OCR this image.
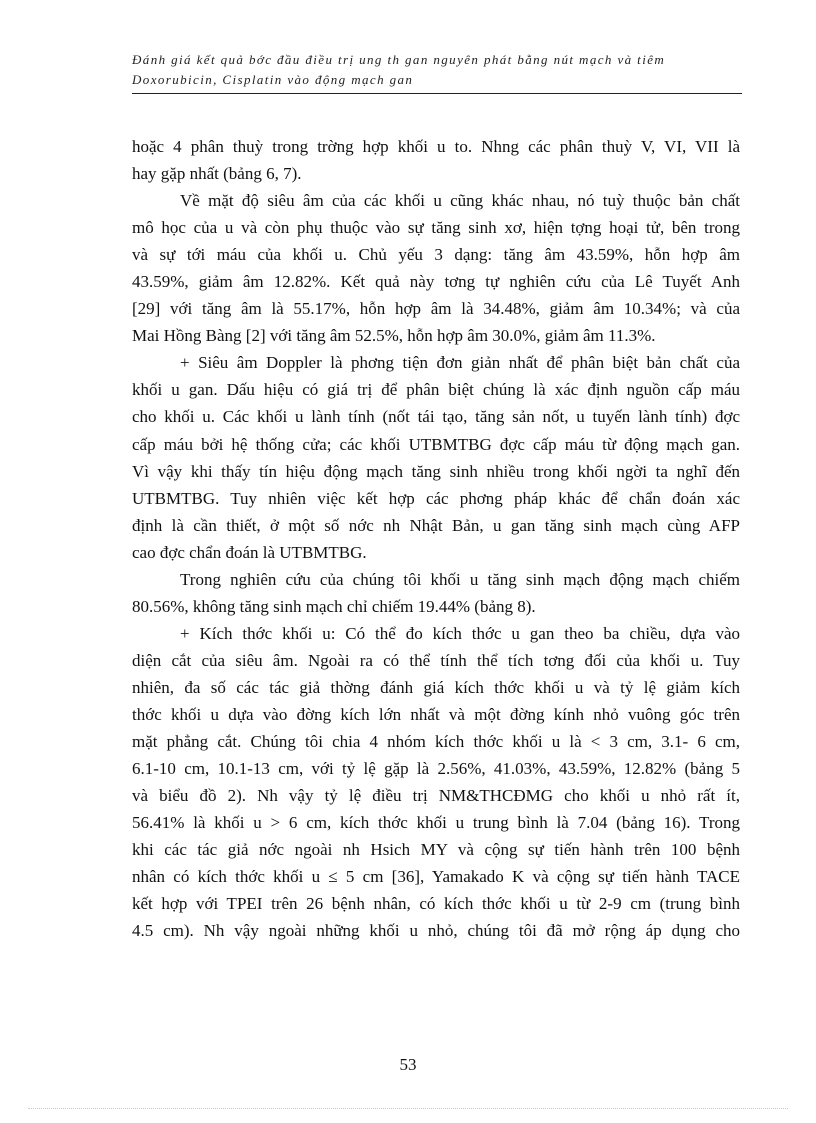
Đánh giá kết quả bớc đầu điều trị ung th gan nguyên phát bằng nút mạch và tiêm
Doxorubicin, Cisplatin vào động mạch gan
hoặc 4 phân thuỳ trong trờng hợp khối u to. Nhng các phân thuỳ V, VI, VII là
hay gặp nhất (bảng 6, 7).
Về mặt độ siêu âm của các khối u cũng khác nhau, nó tuỳ thuộc bản chất
mô học của u và còn phụ thuộc vào sự tăng sinh xơ, hiện tợng hoại tử, bên trong
và sự tới máu của khối u. Chủ yếu 3 dạng: tăng âm 43.59%, hỗn hợp âm
43.59%, giảm âm 12.82%. Kết quả này tơng tự nghiên cứu của Lê Tuyết Anh
[29] với tăng âm là 55.17%, hỗn hợp âm là 34.48%, giảm âm 10.34%; và của
Mai Hồng Bàng [2] với tăng âm 52.5%, hỗn hợp âm 30.0%, giảm âm 11.3%.
+ Siêu âm Doppler là phơng tiện đơn giản nhất để phân biệt bản chất của
khối u gan. Dấu hiệu có giá trị để phân biệt chúng là xác định nguồn cấp máu
cho khối u. Các khối u lành tính (nốt tái tạo, tăng sản nốt, u tuyến lành tính) đợc
cấp máu bởi hệ thống cửa; các khối UTBMTBG đợc cấp máu từ động mạch gan.
Vì vậy khi thấy tín hiệu động mạch tăng sinh nhiều trong khối ngời ta nghĩ đến
UTBMTBG. Tuy nhiên việc kết hợp các phơng pháp khác để chẩn đoán xác
định là cần thiết, ở một số nớc nh Nhật Bản, u gan tăng sinh mạch cùng AFP
cao đợc chẩn đoán là UTBMTBG.
Trong nghiên cứu của chúng tôi khối u tăng sinh mạch động mạch chiếm
80.56%, không tăng sinh mạch chỉ chiếm 19.44% (bảng 8).
+ Kích thớc khối u: Có thể đo kích thớc u gan theo ba chiều, dựa vào
diện cắt của siêu âm. Ngoài ra có thể tính thể tích tơng đối của khối u. Tuy
nhiên, đa số các tác giả thờng đánh giá kích thớc khối u và tỷ lệ giảm kích
thớc khối u dựa vào đờng kích lớn nhất và một đờng kính nhỏ vuông góc trên
mặt phẳng cắt. Chúng tôi chia 4 nhóm kích thớc khối u là < 3 cm, 3.1- 6 cm,
6.1-10 cm, 10.1-13 cm, với tỷ lệ gặp là 2.56%, 41.03%, 43.59%, 12.82% (bảng 5
và biểu đồ 2). Nh vậy tỷ lệ điều trị NM&THCĐMG cho khối u nhỏ rất ít,
56.41% là khối u > 6 cm, kích thớc khối u trung bình là 7.04 (bảng 16). Trong
khi các tác giả nớc ngoài nh Hsich MY và cộng sự tiến hành trên 100 bệnh
nhân có kích thớc khối u ≤ 5 cm [36], Yamakado K và cộng sự tiến hành TACE
kết hợp với TPEI trên 26 bệnh nhân, có kích thớc khối u từ 2-9 cm (trung bình
4.5 cm). Nh vậy ngoài những khối u nhỏ, chúng tôi đã mở rộng áp dụng cho
53
